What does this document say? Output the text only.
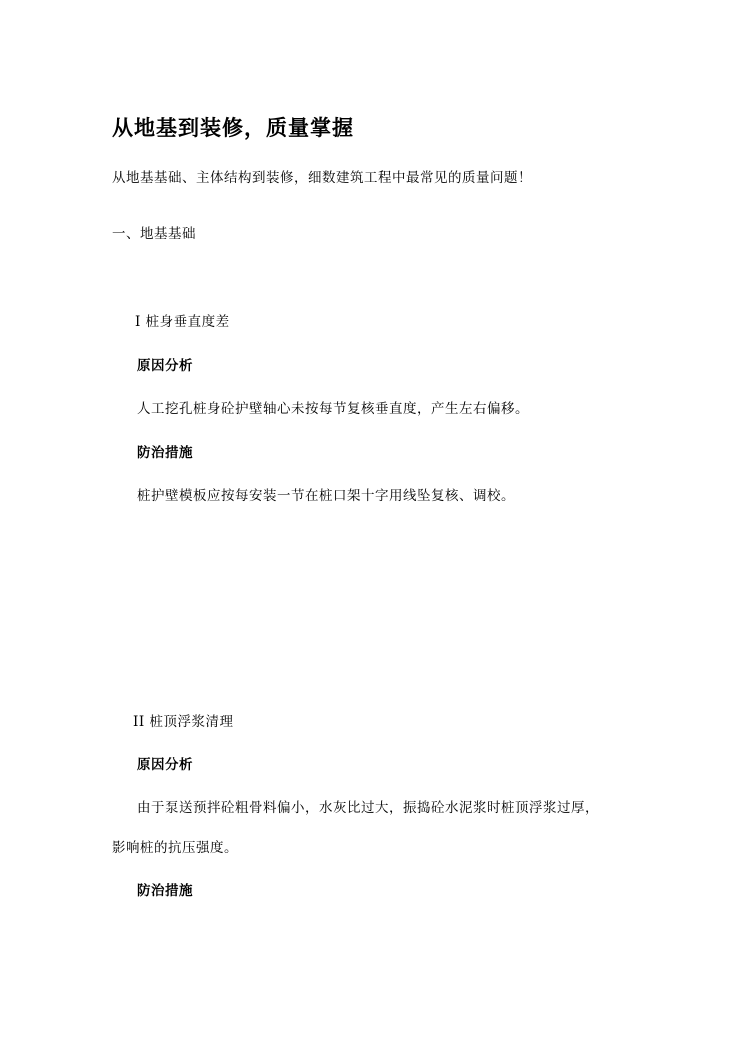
从地基到装修，质量掌握

从地基基础、主体结构到装修，细数建筑工程中最常见的质量问题！

一、地基基础

I 桩身垂直度差

原因分析

人工挖孔桩身砼护壁轴心未按每节复核垂直度，产生左右偏移。

防治措施

桩护壁模板应按每安装一节在桩口架十字用线坠复核、调校。

II 桩顶浮浆清理

原因分析

由于泵送预拌砼粗骨料偏小，水灰比过大，振捣砼水泥浆时桩顶浮浆过厚，

影响桩的抗压强度。

防治措施
